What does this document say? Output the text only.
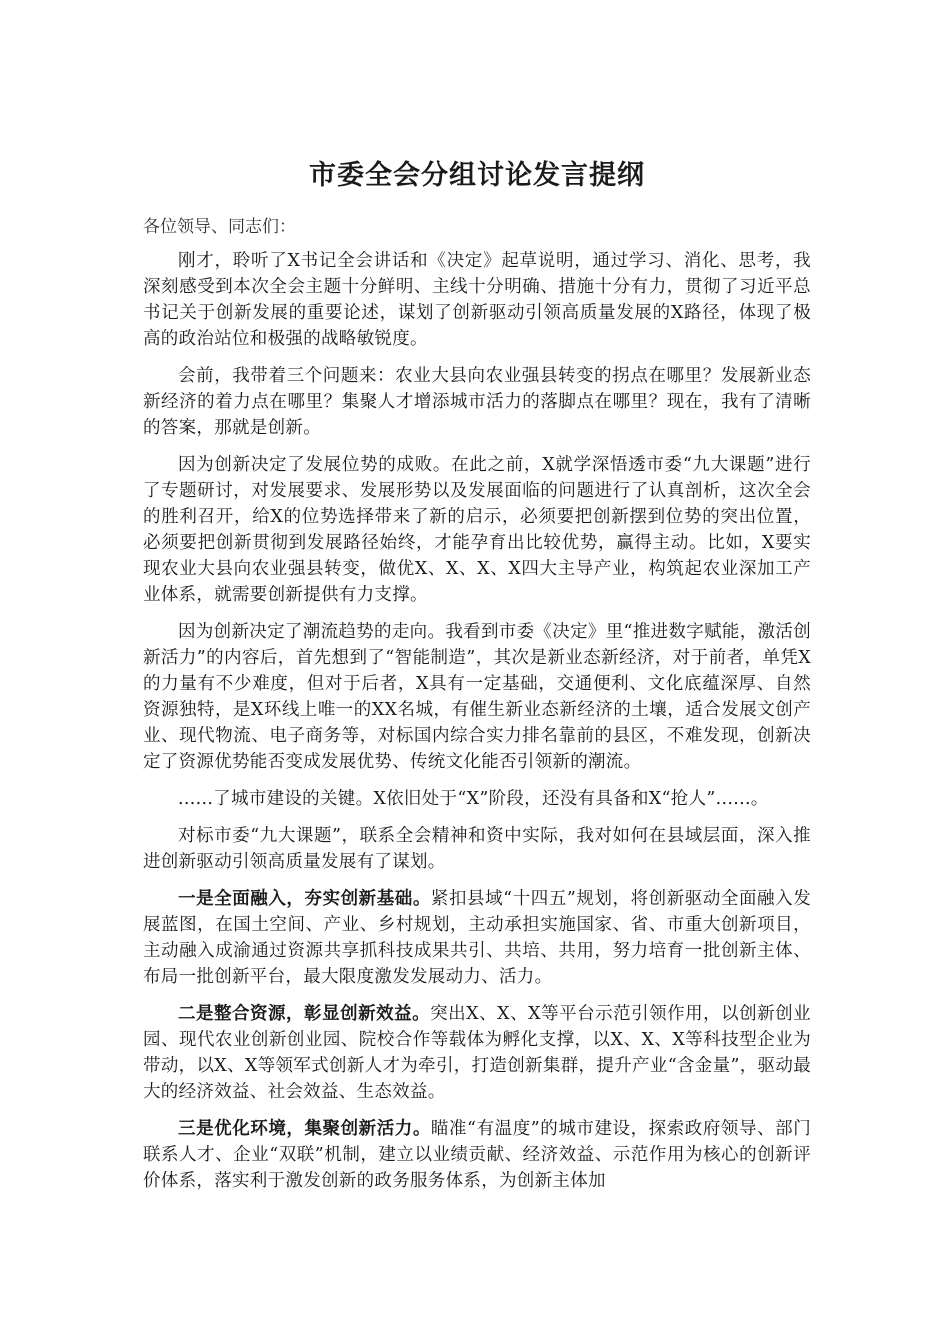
市委全会分组讨论发言提纲
各位领导、同志们：

刚才，聆听了X书记全会讲话和《决定》起草说明，通过学习、消化、思考，我深刻感受到本次全会主题十分鲜明、主线十分明确、措施十分有力，贯彻了习近平总书记关于创新发展的重要论述，谋划了创新驱动引领高质量发展的X路径，体现了极高的政治站位和极强的战略敏锐度。

会前，我带着三个问题来：农业大县向农业强县转变的拐点在哪里？发展新业态新经济的着力点在哪里？集聚人才增添城市活力的落脚点在哪里？现在，我有了清晰的答案，那就是创新。

因为创新决定了发展位势的成败。在此之前，X就学深悟透市委“九大课题”进行了专题研讨，对发展要求、发展形势以及发展面临的问题进行了认真剖析，这次全会的胜利召开，给X的位势选择带来了新的启示，必须要把创新摆到位势的突出位置，必须要把创新贯彻到发展路径始终，才能孕育出比较优势，赢得主动。比如，X要实现农业大县向农业强县转变，做优X、X、X、X四大主导产业，构筑起农业深加工产业体系，就需要创新提供有力支撑。

因为创新决定了潮流趋势的走向。我看到市委《决定》里“推进数字赋能，激活创新活力”的内容后，首先想到了“智能制造”，其次是新业态新经济，对于前者，单凭X的力量有不少难度，但对于后者，X具有一定基础，交通便利、文化底蕴深厚、自然资源独特，是X环线上唯一的XX名城，有催生新业态新经济的土壤，适合发展文创产业、现代物流、电子商务等，对标国内综合实力排名靠前的县区，不难发现，创新决定了资源优势能否变成发展优势、传统文化能否引领新的潮流。

......了城市建设的关键。X依旧处于“X”阶段，还没有具备和X“抢人”......。

对标市委“九大课题”，联系全会精神和资中实际，我对如何在县域层面，深入推进创新驱动引领高质量发展有了谋划。

一是全面融入，夯实创新基础。紧扣县域“十四五”规划，将创新驱动全面融入发展蓝图，在国土空间、产业、乡村规划，主动承担实施国家、省、市重大创新项目，主动融入成渝通过资源共享抓科技成果共引、共培、共用，努力培育一批创新主体、布局一批创新平台，最大限度激发发展动力、活力。

二是整合资源，彰显创新效益。突出X、X、X等平台示范引领作用，以创新创业园、现代农业创新创业园、院校合作等载体为孵化支撑，以X、X、X等科技型企业为带动，以X、X等领军式创新人才为牵引，打造创新集群，提升产业“含金量”，驱动最大的经济效益、社会效益、生态效益。

三是优化环境，集聚创新活力。瞄准“有温度”的城市建设，探索政府领导、部门联系人才、企业“双联”机制，建立以业绩贡献、经济效益、示范作用为核心的创新评价体系，落实利于激发创新的政务服务体系，为创新主体加
